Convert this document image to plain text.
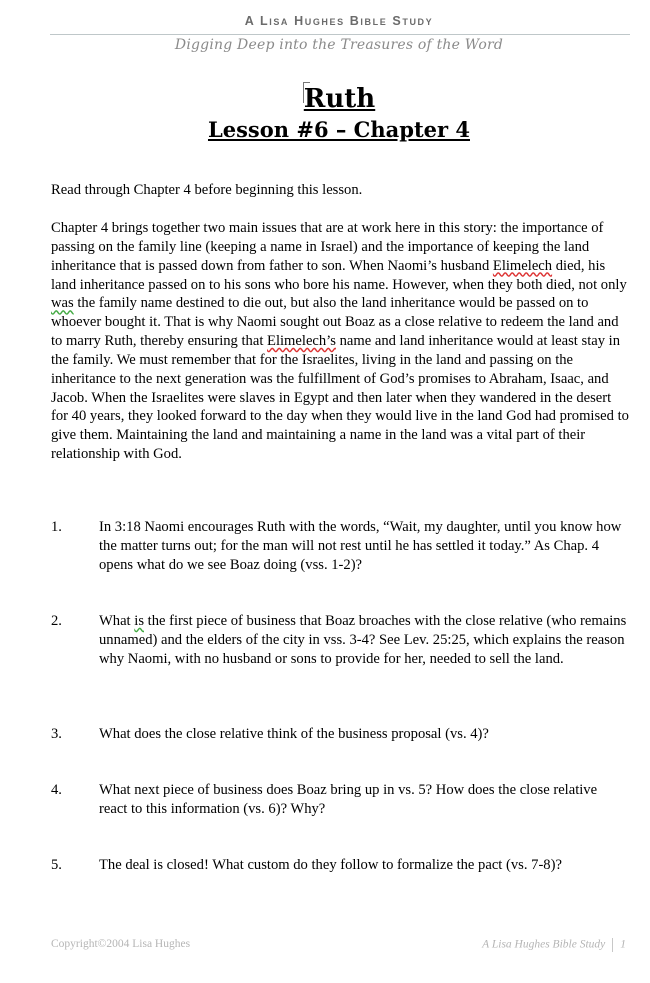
A Lisa Hughes Bible Study
Digging Deep into the Treasures of the Word
Ruth
Lesson #6 – Chapter 4
Read through Chapter 4 before beginning this lesson.
Chapter 4 brings together two main issues that are at work here in this story: the importance of passing on the family line (keeping a name in Israel) and the importance of keeping the land inheritance that is passed down from father to son. When Naomi’s husband Elimelech died, his land inheritance passed on to his sons who bore his name. However, when they both died, not only was the family name destined to die out, but also the land inheritance would be passed on to whoever bought it. That is why Naomi sought out Boaz as a close relative to redeem the land and to marry Ruth, thereby ensuring that Elimelech’s name and land inheritance would at least stay in the family. We must remember that for the Israelites, living in the land and passing on the inheritance to the next generation was the fulfillment of God’s promises to Abraham, Isaac, and Jacob. When the Israelites were slaves in Egypt and then later when they wandered in the desert for 40 years, they looked forward to the day when they would live in the land God had promised to give them. Maintaining the land and maintaining a name in the land was a vital part of their relationship with God.
1.	In 3:18 Naomi encourages Ruth with the words, “Wait, my daughter, until you know how the matter turns out; for the man will not rest until he has settled it today.” As Chap. 4 opens what do we see Boaz doing (vss. 1-2)?
2.	What is the first piece of business that Boaz broaches with the close relative (who remains unnamed) and the elders of the city in vss. 3-4? See Lev. 25:25, which explains the reason why Naomi, with no husband or sons to provide for her, needed to sell the land.
3.	What does the close relative think of the business proposal (vs. 4)?
4.	What next piece of business does Boaz bring up in vs. 5? How does the close relative react to this information (vs. 6)? Why?
5.	The deal is closed! What custom do they follow to formalize the pact (vs. 7-8)?
Copyright©2004 Lisa Hughes	A Lisa Hughes Bible Study 1
